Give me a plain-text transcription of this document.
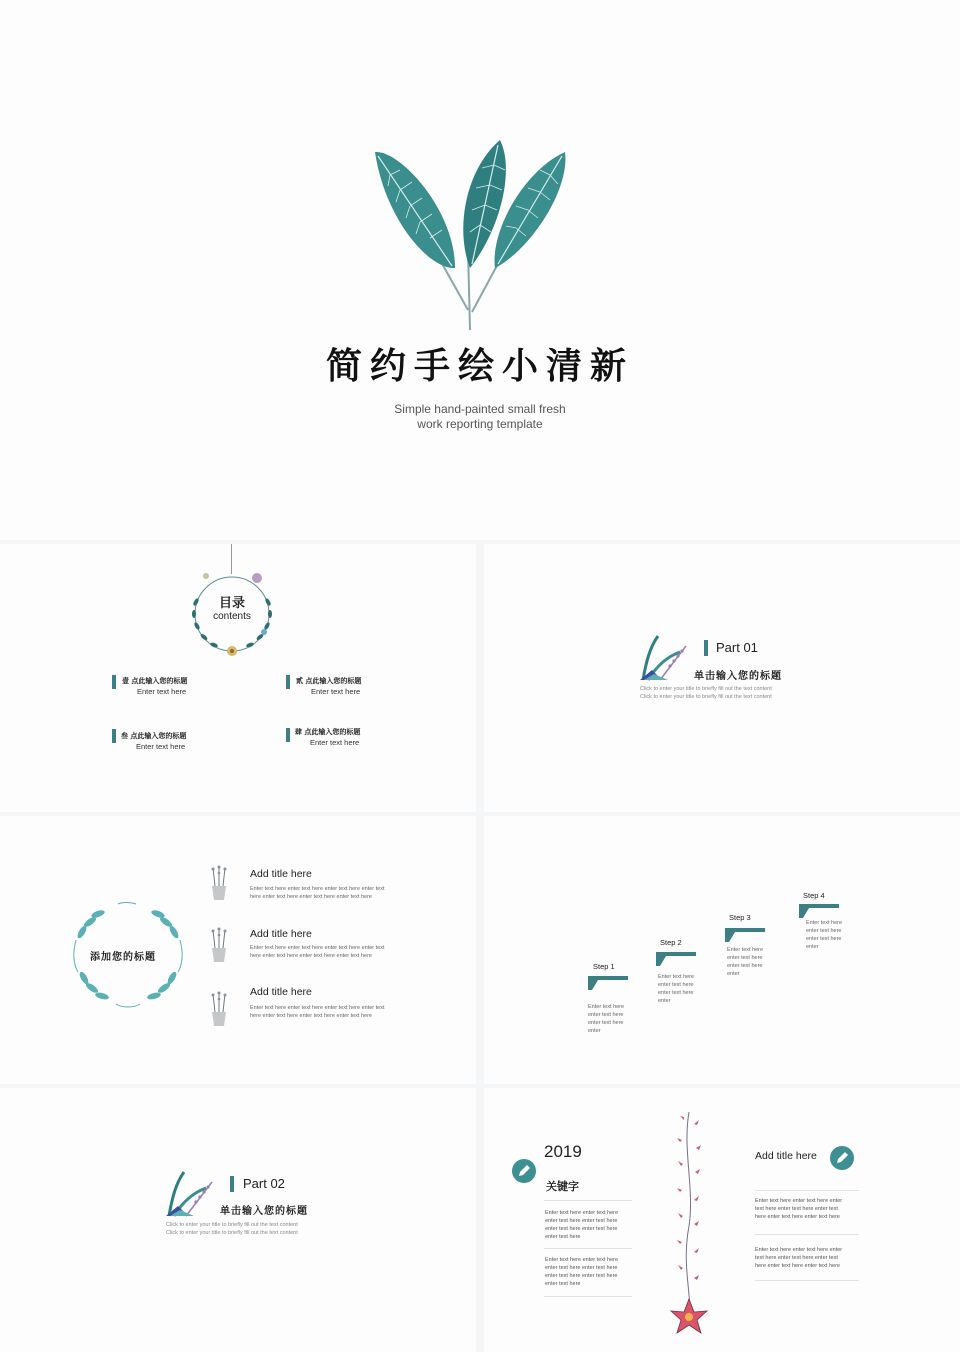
简约手绘小清新
Simple hand-painted small fresh
work reporting template
目录
contents
壹 点此输入您的标题
Enter text here
贰 点此输入您的标题
Enter text here
叁 点此输入您的标题
Enter text here
肆 点此输入您的标题
Enter text here
Part 01
单击输入您的标题
Click to enter your title to briefly fill out the text content
Click to enter your title to briefly fill out the text content
添加您的标题
Add title here
Enter text here enter text here enter text here enter text
here enter text here enter text here enter text here
Add title here
Enter text here enter text here enter text here enter text
here enter text here enter text here enter text here
Add title here
Enter text here enter text here enter text here enter text
here enter text here enter text here enter text here
Step 1
Enter text here
enter text here
enter text here
enter
Step 2
Enter text here
enter text here
enter text here
enter
Step 3
Enter text here
enter text here
enter text here
enter
Step 4
Enter text here
enter text here
enter text here
enter
Part 02
单击输入您的标题
Click to enter your title to briefly fill out the text content
Click to enter your title to briefly fill out the text content
2019
关键字
Enter text here enter text here
enter text here enter text here
enter text here enter text here
enter text here
Enter text here enter text here
enter text here enter text here
enter text here enter text here
enter text here
Add title here
Enter text here enter text here enter
text here enter text here enter text
here enter text here enter text here
Enter text here enter text here enter
text here enter text here enter text
here enter text here enter text here
